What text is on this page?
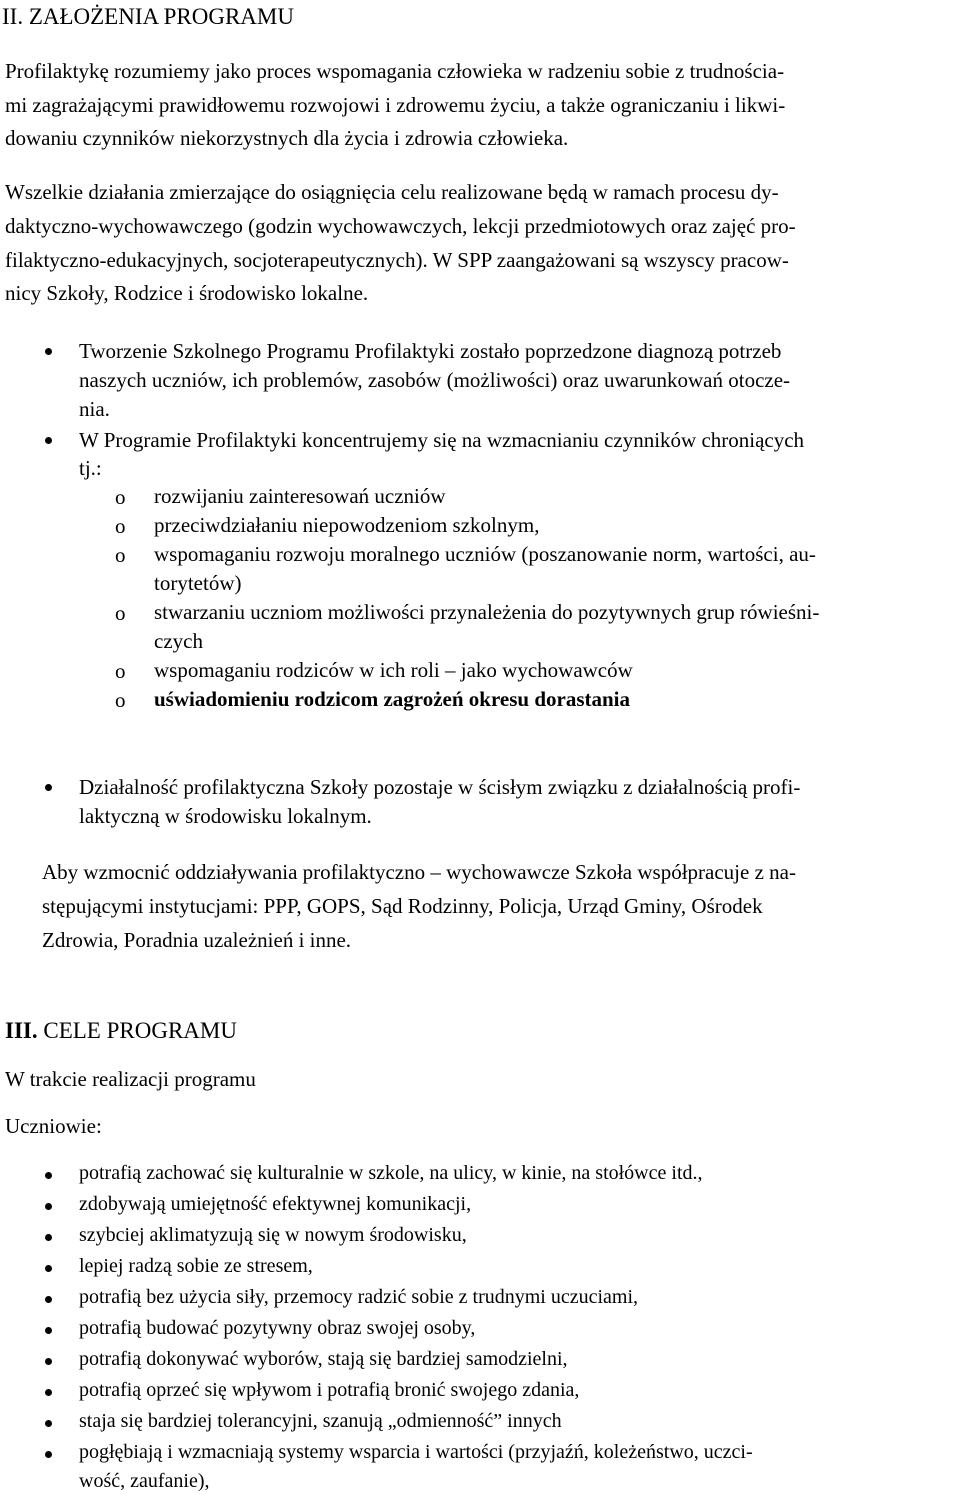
II. ZAŁOŻENIA PROGRAMU
Profilaktykę rozumiemy jako proces wspomagania człowieka w radzeniu sobie z trudnościa-
mi zagrażającymi prawidłowemu rozwojowi i zdrowemu życiu, a także ograniczaniu i likwi-
dowaniu czynników niekorzystnych dla życia i zdrowia człowieka.
Wszelkie działania zmierzające do osiągnięcia celu realizowane będą w ramach procesu dy-
daktyczno-wychowawczego (godzin wychowawczych, lekcji przedmiotowych oraz zajęć pro-
filaktyczno-edukacyjnych, socjoterapeutycznych). W SPP zaangażowani są wszyscy pracow-
nicy Szkoły, Rodzice i środowisko lokalne.
Tworzenie Szkolnego Programu Profilaktyki zostało poprzedzone diagnozą potrzeb
naszych uczniów, ich problemów, zasobów (możliwości) oraz uwarunkowań otocze-
nia.
W Programie Profilaktyki koncentrujemy się na wzmacnianiu czynników chroniących
tj.:
o rozwijaniu zainteresowań uczniów
o przeciwdziałaniu niepowodzeniom szkolnym,
o wspomaganiu rozwoju moralnego uczniów (poszanowanie norm, wartości, au-
torytetów)
o stwarzaniu uczniom możliwości przynależenia do pozytywnych grup rówieśni-
czych
o wspomaganiu rodziców w ich roli – jako wychowawców
o uświadomieniu rodzicom zagrożeń okresu dorastania
Działalność profilaktyczna Szkoły pozostaje w ścisłym związku z działalnością profi-
laktyczną w środowisku lokalnym.
Aby wzmocnić oddziaływania profilaktyczno – wychowawcze Szkoła współpracuje z na-
stępującymi instytucjami: PPP, GOPS, Sąd Rodzinny, Policja, Urząd Gminy, Ośrodek
Zdrowia, Poradnia uzależnień i inne.
III. CELE PROGRAMU
W trakcie realizacji programu
Uczniowie:
potrafią zachować się kulturalnie w szkole, na ulicy, w kinie, na stołówce itd.,
zdobywają umiejętność efektywnej komunikacji,
szybciej aklimatyzują się w nowym środowisku,
lepiej radzą sobie ze stresem,
potrafią bez użycia siły, przemocy radzić sobie z trudnymi uczuciami,
potrafią budować pozytywny obraz swojej osoby,
potrafią dokonywać wyborów, stają się bardziej samodzielni,
potrafią oprzeć się wpływom i potrafią bronić swojego zdania,
staja się bardziej tolerancyjni, szanują „odmienność” innych
pogłębiają i wzmacniają systemy wsparcia i wartości (przyjaźń, koleżeństwo, uczci-
wość, zaufanie),
